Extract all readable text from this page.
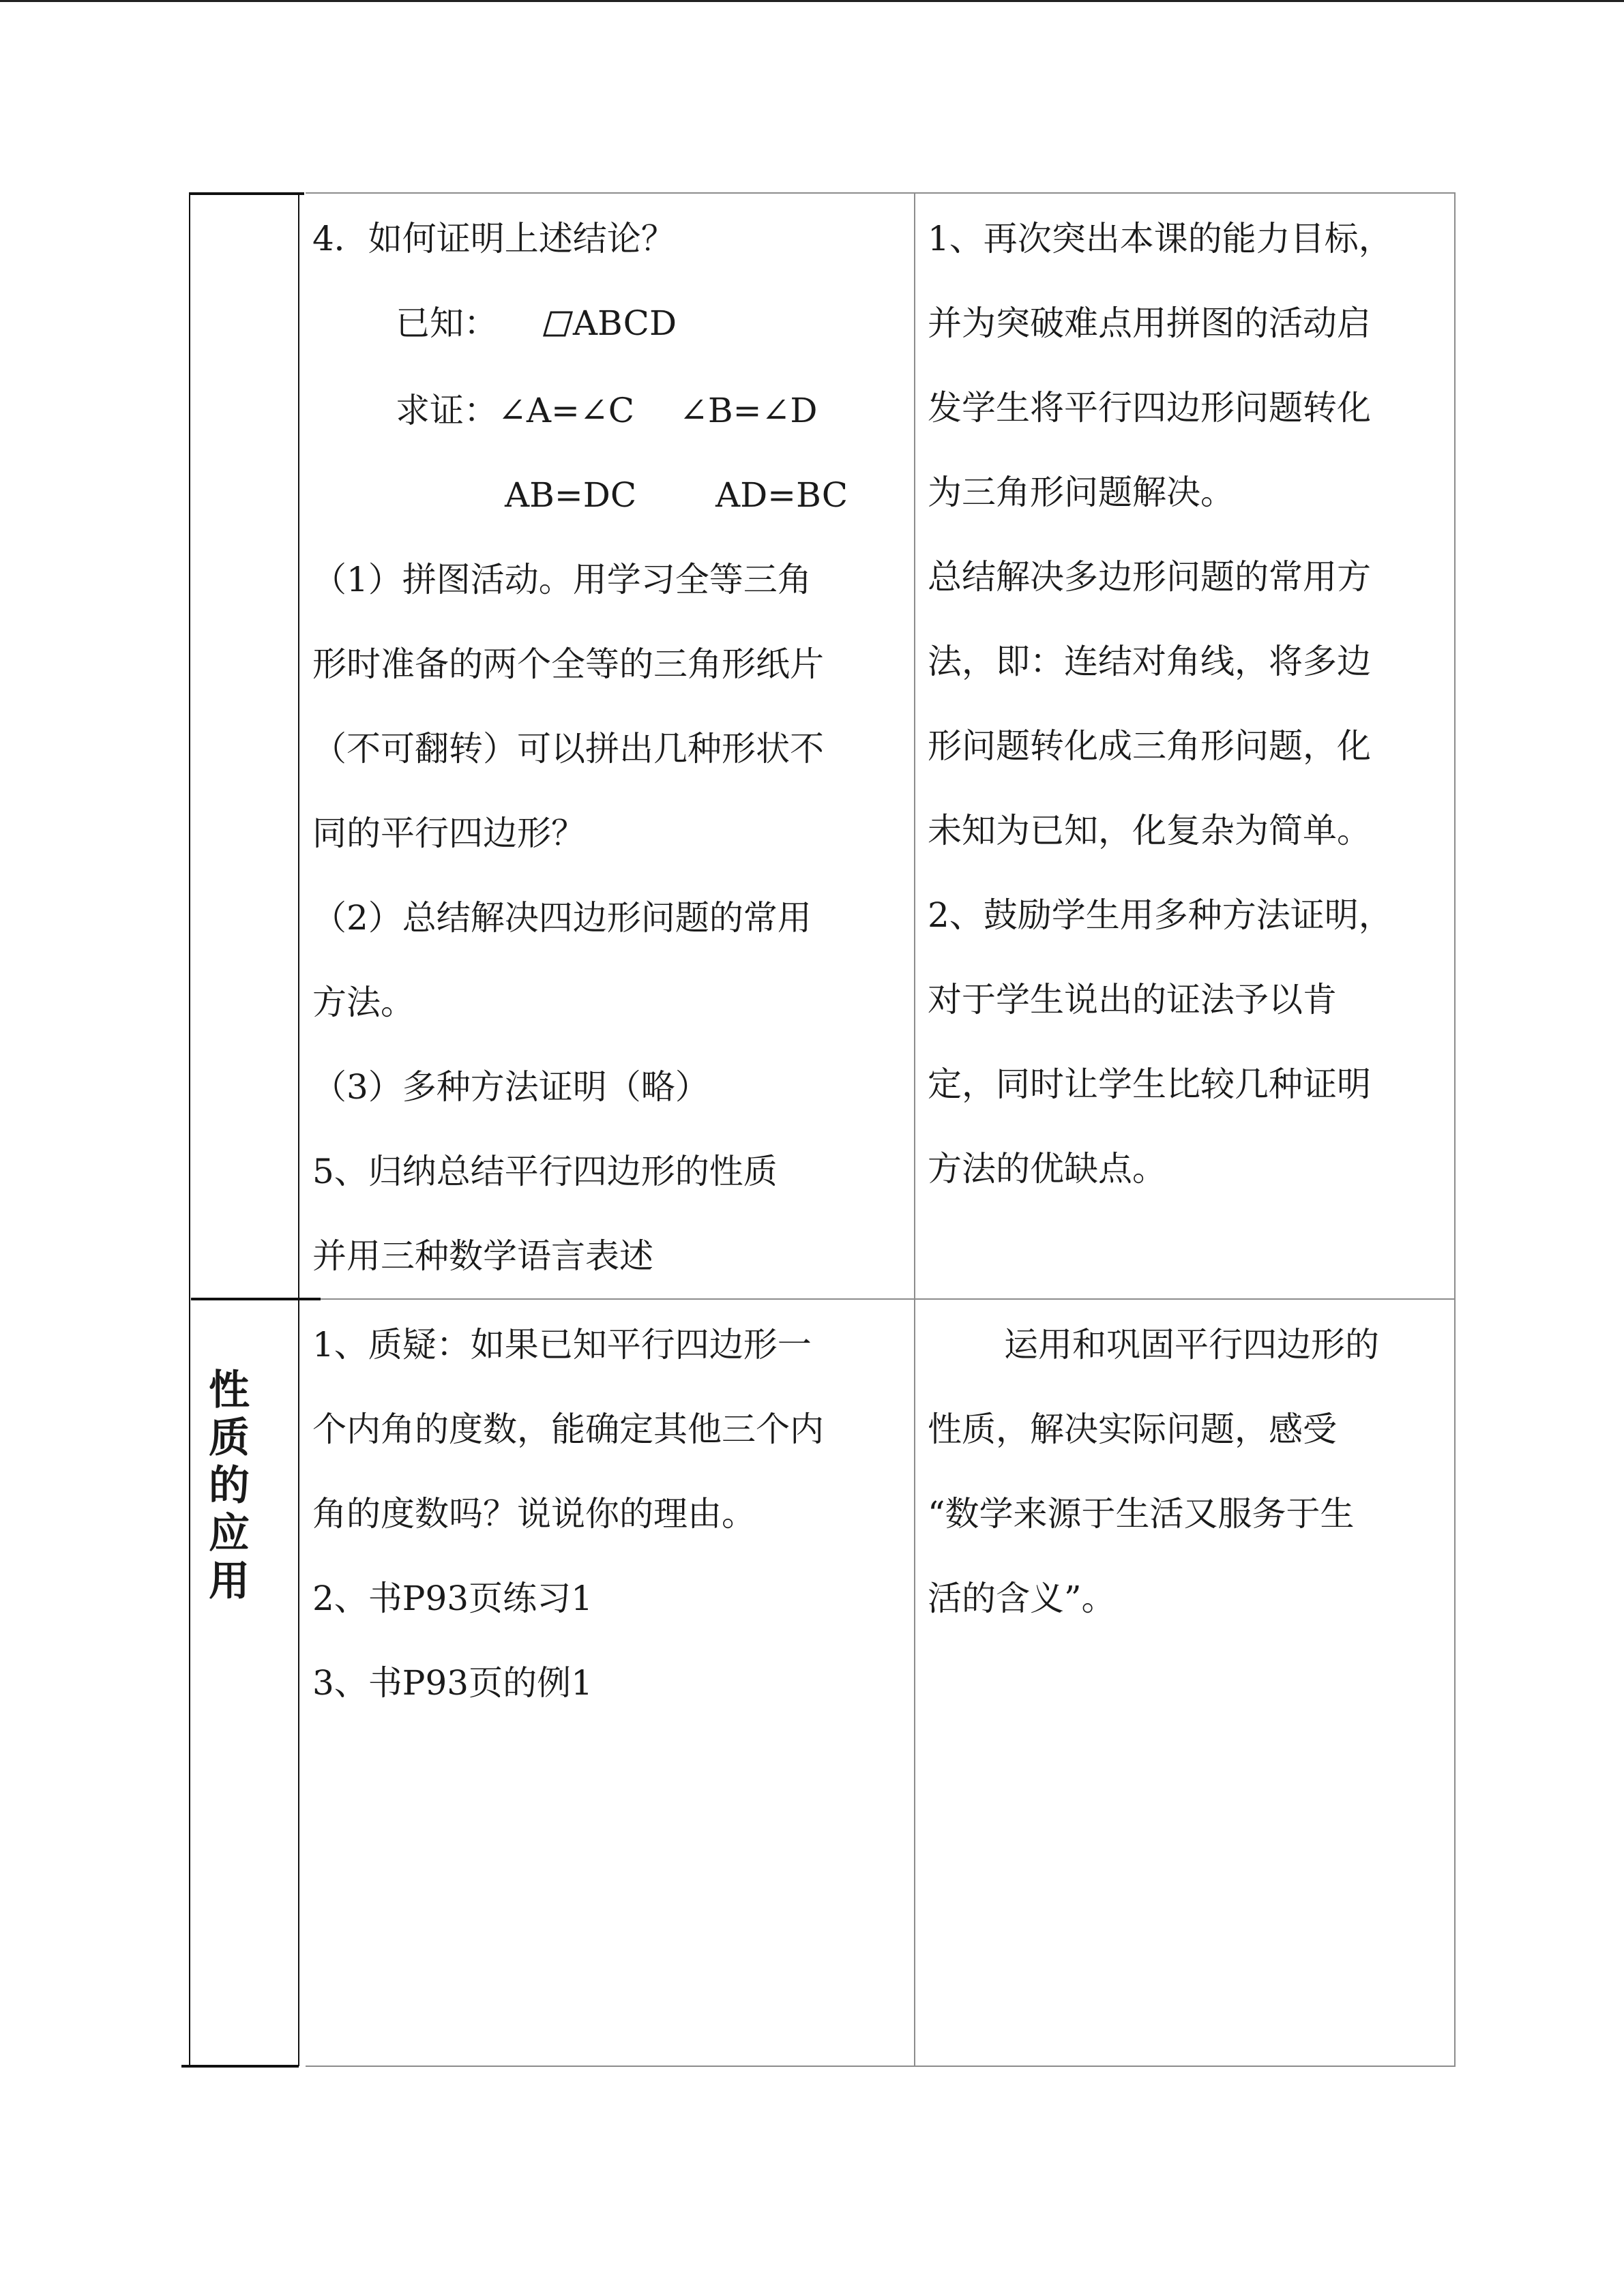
4．如何证明上述结论？

已知： ABCD

求证：∠A=∠C　 ∠B=∠D

AB=DC　　 AD=BC

（1）拼图活动。用学习全等三角

形时准备的两个全等的三角形纸片

（不可翻转）可以拼出几种形状不

同的平行四边形？

（2）总结解决四边形问题的常用

方法。

（3）多种方法证明（略）

5、归纳总结平行四边形的性质

并用三种数学语言表述

1、再次突出本课的能力目标，

并为突破难点用拼图的活动启

发学生将平行四边形问题转化

为三角形问题解决。

总结解决多边形问题的常用方

法，即：连结对角线，将多边

形问题转化成三角形问题，化

未知为已知，化复杂为简单。

2、鼓励学生用多种方法证明，

对于学生说出的证法予以肯

定，同时让学生比较几种证明

方法的优缺点。

性
质
的
应
用

1、质疑：如果已知平行四边形一

个内角的度数，能确定其他三个内

角的度数吗？说说你的理由。

2、书P93页练习1

3、书P93页的例1

运用和巩固平行四边形的

性质，解决实际问题，感受

“数学来源于生活又服务于生

活的含义”。
